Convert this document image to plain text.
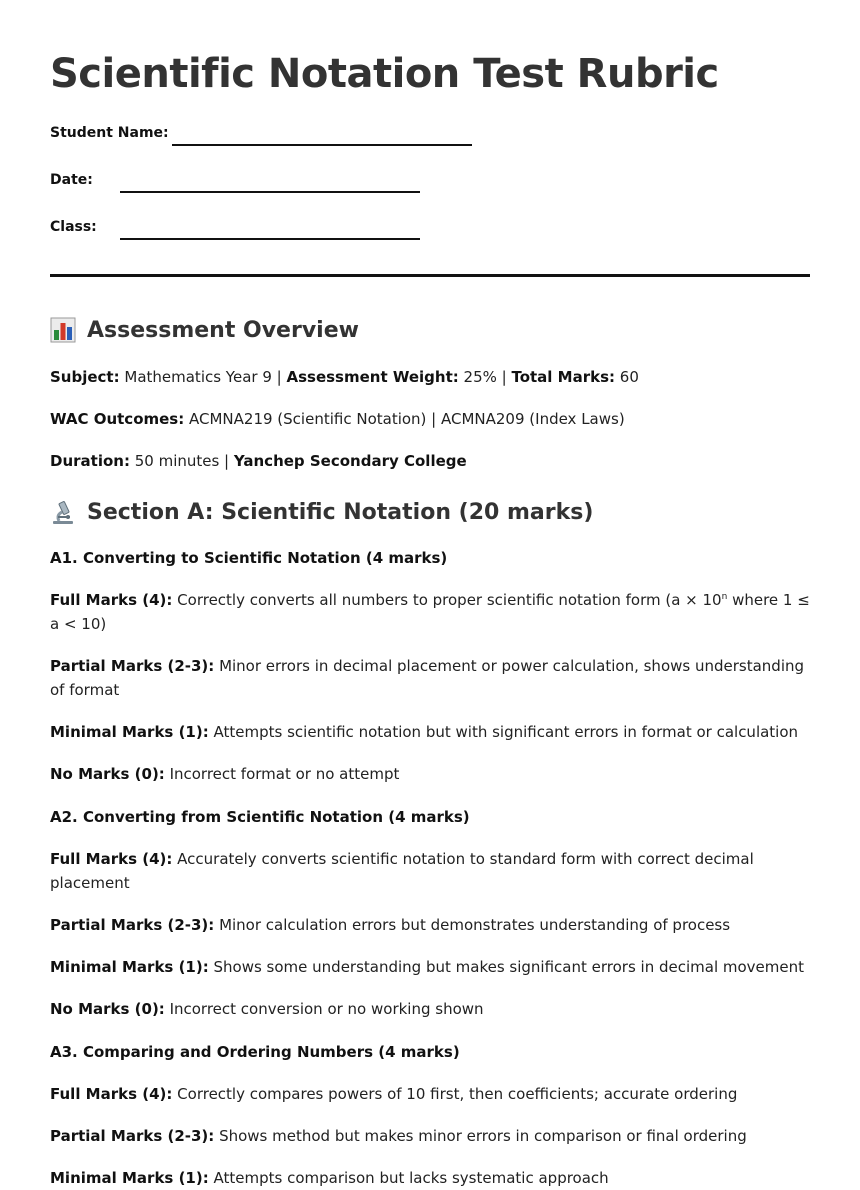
Scientific Notation Test Rubric
Student Name:
Date:
Class:
Assessment Overview

Subject: Mathematics Year 9 | Assessment Weight: 25% | Total Marks: 60

WAC Outcomes: ACMNA219 (Scientific Notation) | ACMNA209 (Index Laws)

Duration: 50 minutes | Yanchep Secondary College

Section A: Scientific Notation (20 marks)
A1. Converting to Scientific Notation (4 marks)

Full Marks (4): Correctly converts all numbers to proper scientific notation form ($a \times 10^n$ where 1 ≤ a < 10)

Partial Marks (2-3): Minor errors in decimal placement or power calculation, shows understanding of format

Minimal Marks (1): Attempts scientific notation but with significant errors in format or calculation

No Marks (0): Incorrect format or no attempt

A2. Converting from Scientific Notation (4 marks)

Full Marks (4): Accurately converts scientific notation to standard form with correct decimal placement

Partial Marks (2-3): Minor calculation errors but demonstrates understanding of process

Minimal Marks (1): Shows some understanding but makes significant errors in decimal movement

No Marks (0): Incorrect conversion or no working shown

A3. Comparing and Ordering Numbers (4 marks)

Full Marks (4): Correctly compares powers of 10 first, then coefficients; accurate ordering

Partial Marks (2-3): Shows method but makes minor errors in comparison or final ordering

Minimal Marks (1): Attempts comparison but lacks systematic approach
